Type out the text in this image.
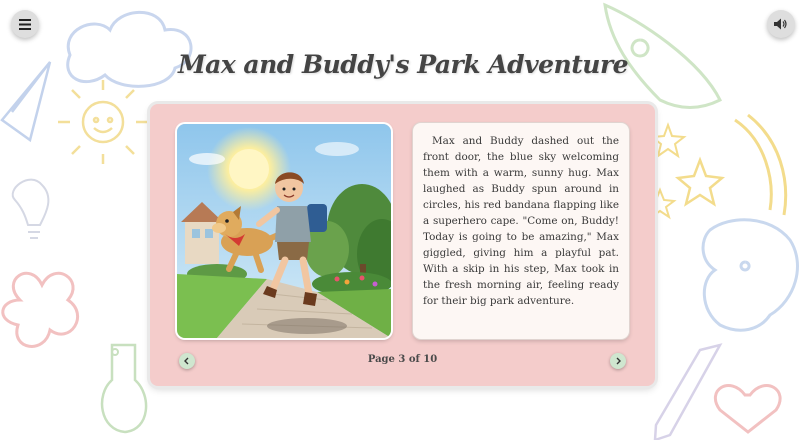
Max and Buddy's Park Adventure

Max and Buddy dashed out the front door, the blue sky welcoming them with a warm, sunny hug. Max laughed as Buddy spun around in circles, his red bandana flapping like a superhero cape. "Come on, Buddy! Today is going to be amazing," Max giggled, giving him a playful pat. With a skip in his step, Max took in the fresh morning air, feeling ready for their big park adventure.

Page 3 of 10
